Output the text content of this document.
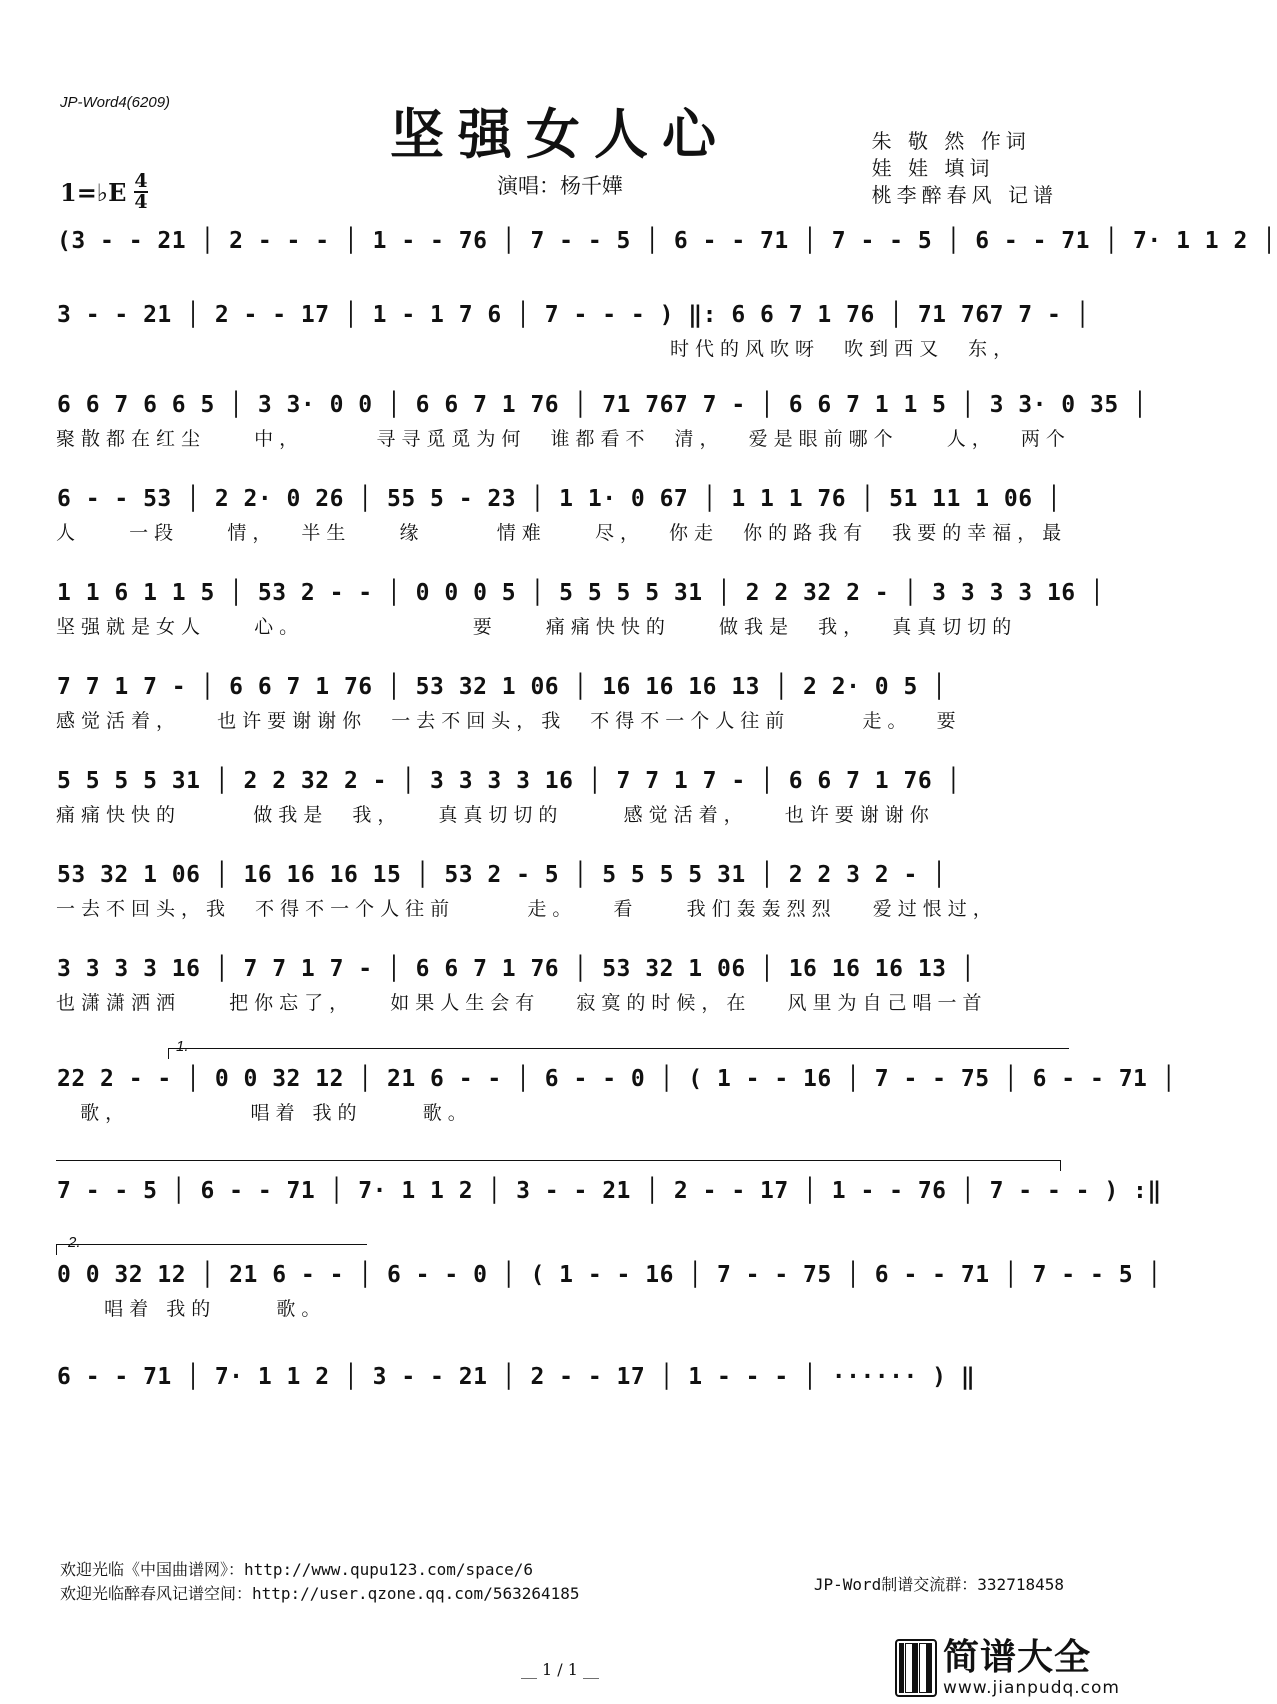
JP-Word4(6209)	坚强女人心	朱 敬 然 作词
娃 娃 填词
桃李醉春风 记谱
1=♭E $\frac{4}{4}$	演唱：杨千嬅
(3 - - 21 │ 2 - - - │ 1 - - 76 │ 7 - - 5 │ 6 - - 71 │ 7 - - 5 │ 6 - - 71 │ 7· 1 1 2 │
3 - - 21 │ 2 - - 17 │ 1 - 1 7 6 │ 7 - - - ) ‖: 6 6 7 1 76 │ 71 767 7 - │
时代的风吹呀  吹到西又  东，
6 6 7 6 6 5 │ 3 3· 0 0 │ 6 6 7 1 76 │ 71 767 7 - │ 6 6 7 1 1 5 │ 3 3· 0 35 │
聚散都在红尘    中，      寻寻觅觅为何  谁都看不  清，  爱是眼前哪个    人，  两个
6 - - 53 │ 2 2· 0 26 │ 55 5 - 23 │ 1 1· 0 67 │ 1 1 1 76 │ 51 11 1 06 │
人    一段    情，  半生    缘      情难    尽，  你走  你的路我有  我要的幸福，最
1 1 6 1 1 5 │ 53 2 - - │ 0 0 0 5 │ 5 5 5 5 31 │ 2 2 32 2 - │ 3 3 3 3 16 │
坚强就是女人    心。              要    痛痛快快的    做我是  我，  真真切切的
7 7 1 7 - │ 6 6 7 1 76 │ 53 32 1 06 │ 16 16 16 13 │ 2 2· 0 5 │
感觉活着，   也许要谢谢你  一去不回头，我  不得不一个人往前      走。  要
5 5 5 5 31 │ 2 2 32 2 - │ 3 3 3 3 16 │ 7 7 1 7 - │ 6 6 7 1 76 │
痛痛快快的      做我是  我，   真真切切的     感觉活着，   也许要谢谢你
53 32 1 06 │ 16 16 16 15 │ 53 2 - 5 │ 5 5 5 5 31 │ 2 2 3 2 - │
一去不回头，我  不得不一个人往前      走。   看    我们轰轰烈烈   爱过恨过，
3 3 3 3 16 │ 7 7 1 7 - │ 6 6 7 1 76 │ 53 32 1 06 │ 16 16 16 13 │
也潇潇洒洒    把你忘了，   如果人生会有   寂寞的时候，在   风里为自己唱一首
1.
22 2 - - │ 0 0 32 12 │ 21 6 - - │ 6 - - 0 │ ( 1 - - 16 │ 7 - - 75 │ 6 - - 71 │
歌，          唱着 我的     歌。
7 - - 5 │ 6 - - 71 │ 7· 1 1 2 │ 3 - - 21 │ 2 - - 17 │ 1 - - 76 │ 7 - - - ) :‖
2.
0 0 32 12 │ 21 6 - - │ 6 - - 0 │ ( 1 - - 16 │ 7 - - 75 │ 6 - - 71 │ 7 - - 5 │
唱着 我的     歌。
6 - - 71 │ 7· 1 1 2 │ 3 - - 21 │ 2 - - 17 │ 1 - - - │ ······ ) ‖
欢迎光临《中国曲谱网》：http://www.qupu123.com/space/6
欢迎光临醉春风记谱空间：http://user.qzone.qq.com/563264185	JP-Word制谱交流群：332718458
__ 1 / 1 __	简谱大全
www.jianpudq.com
